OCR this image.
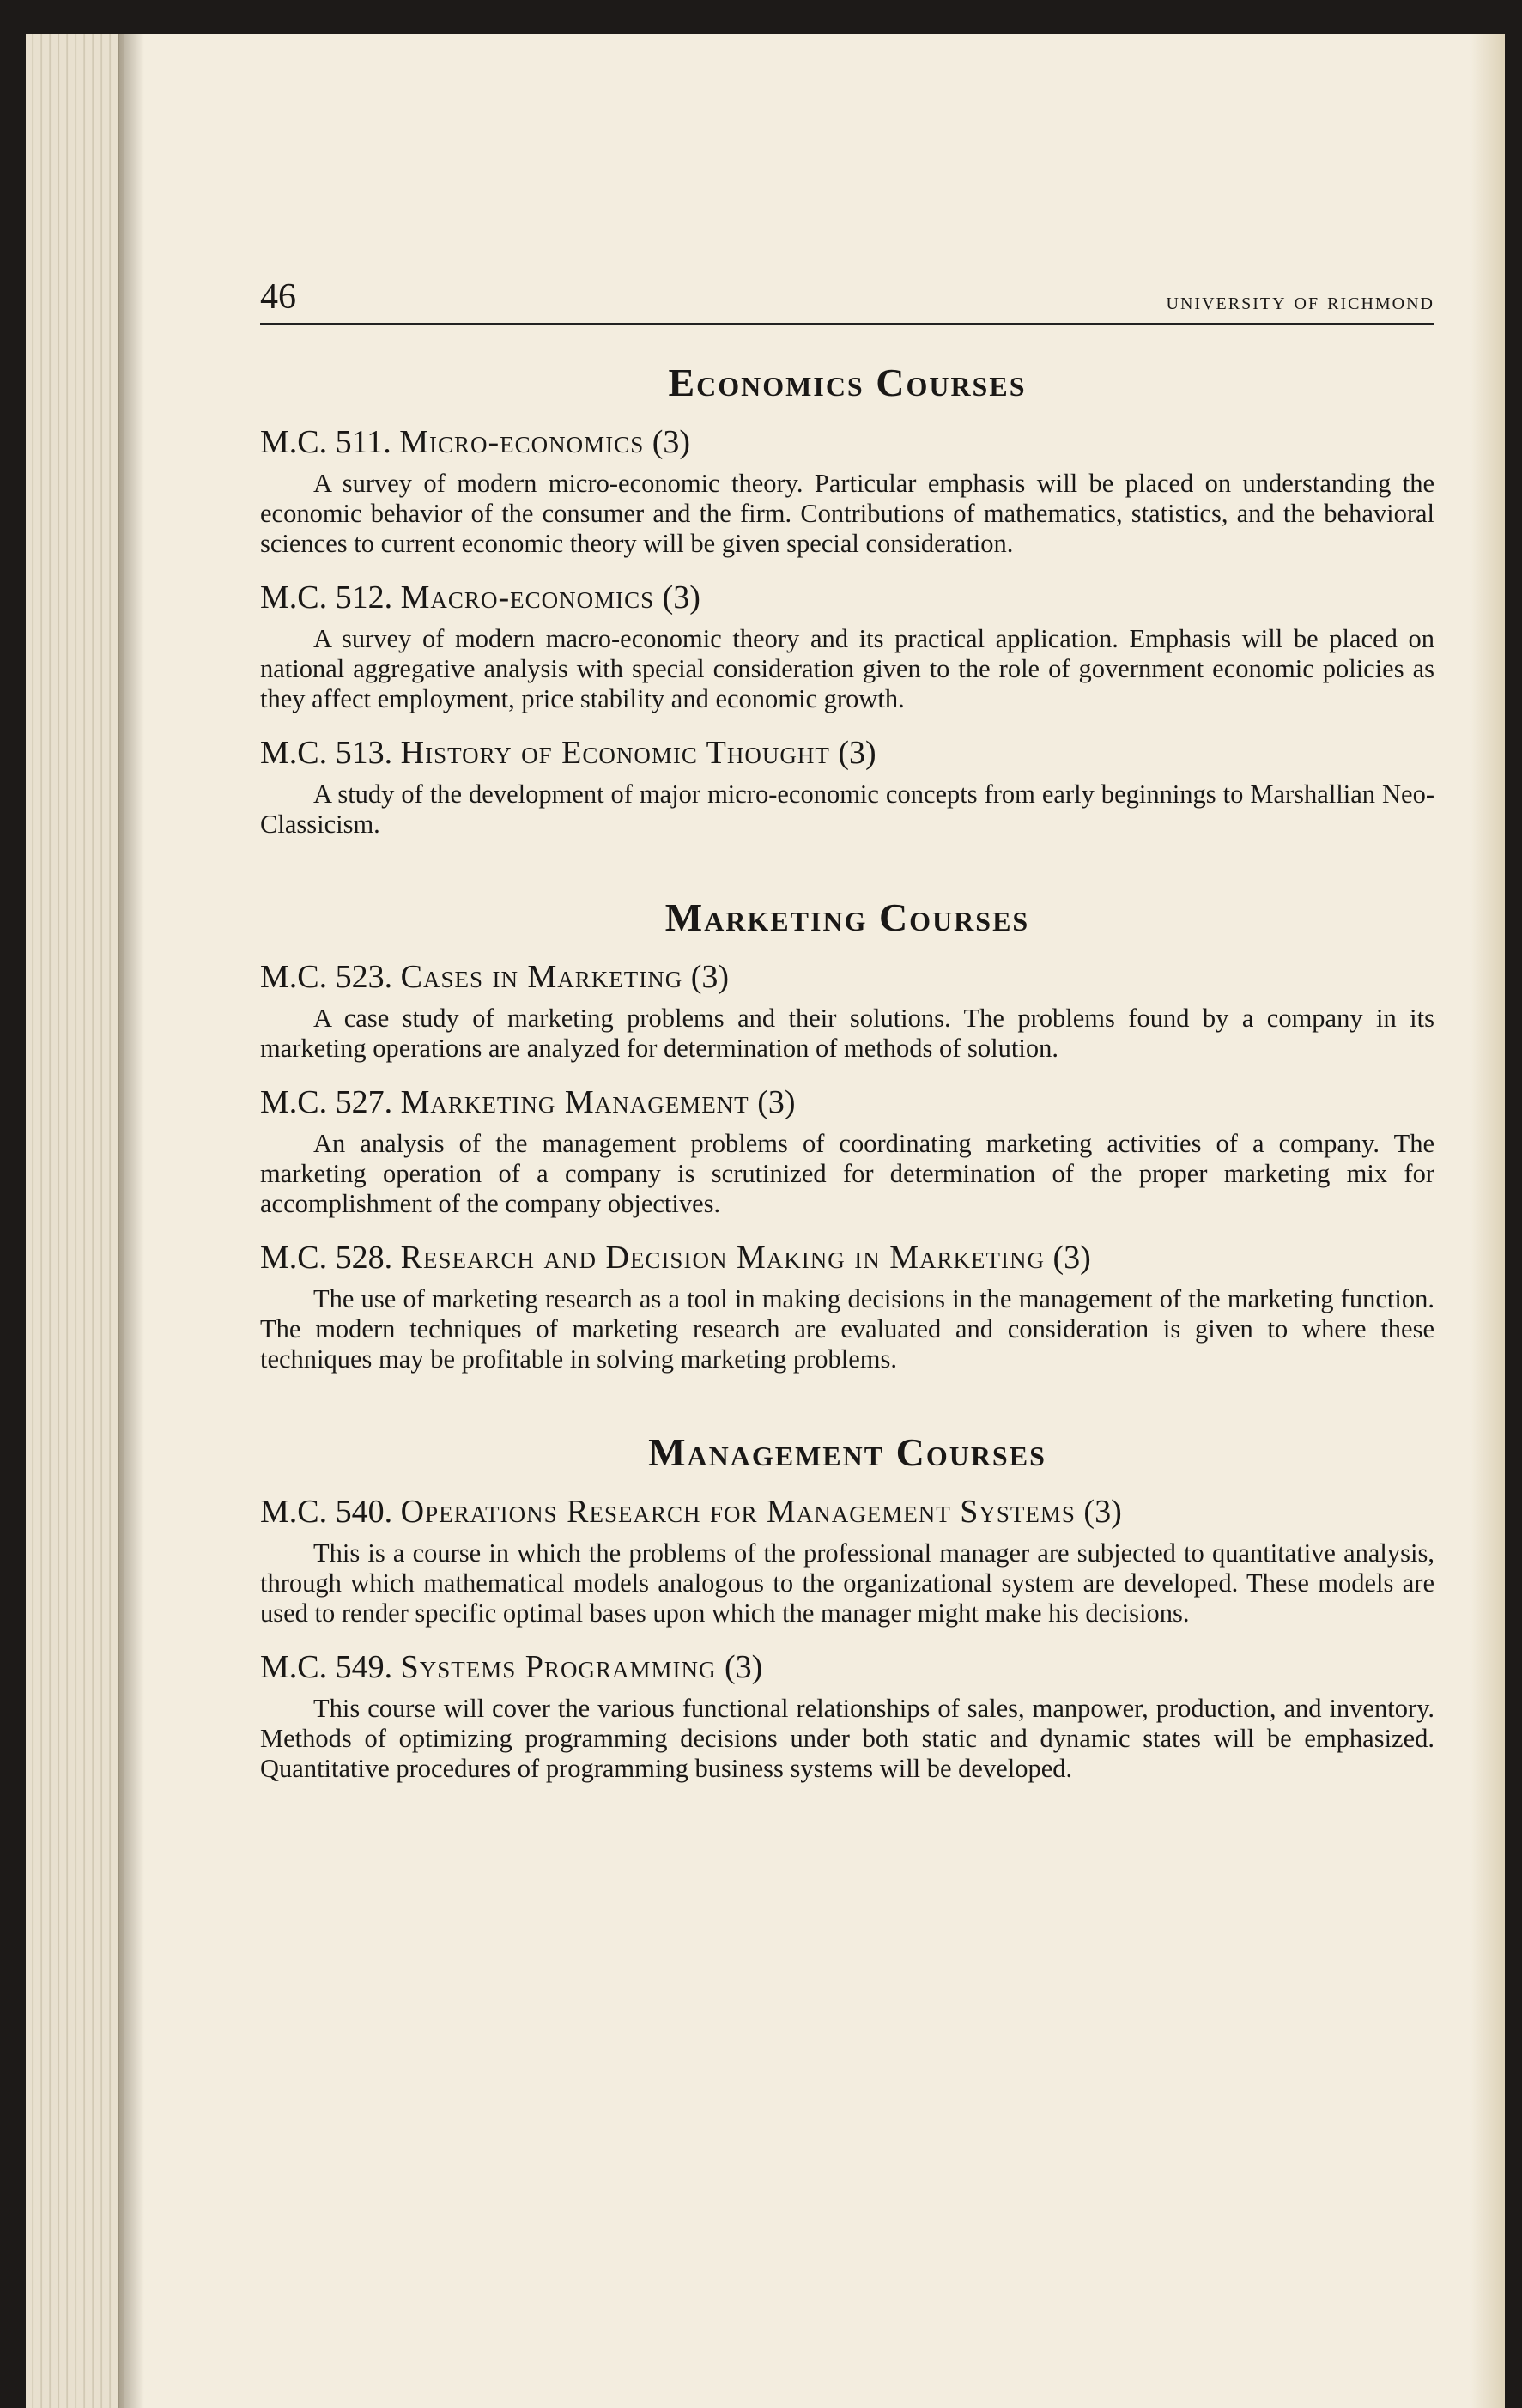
46	university of richmond
Economics Courses

M.C. 511. Micro-economics (3)

A survey of modern micro-economic theory. Particular emphasis will be placed on understanding the economic behavior of the consumer and the firm. Contributions of mathematics, statistics, and the behavioral sciences to current economic theory will be given special consideration.

M.C. 512. Macro-economics (3)

A survey of modern macro-economic theory and its practical application. Emphasis will be placed on national aggregative analysis with special consideration given to the role of government economic policies as they affect employment, price stability and economic growth.

M.C. 513. History of Economic Thought (3)

A study of the development of major micro-economic concepts from early beginnings to Marshallian Neo-Classicism.

Marketing Courses

M.C. 523. Cases in Marketing (3)

A case study of marketing problems and their solutions. The problems found by a company in its marketing operations are analyzed for determination of methods of solution.

M.C. 527. Marketing Management (3)

An analysis of the management problems of coordinating marketing activities of a company. The marketing operation of a company is scrutinized for determination of the proper marketing mix for accomplishment of the company objectives.

M.C. 528. Research and Decision Making in Marketing (3)

The use of marketing research as a tool in making decisions in the management of the marketing function. The modern techniques of marketing research are evaluated and consideration is given to where these techniques may be profitable in solving marketing problems.

Management Courses

M.C. 540. Operations Research for Management Systems (3)

This is a course in which the problems of the professional manager are subjected to quantitative analysis, through which mathematical models analogous to the organizational system are developed. These models are used to render specific optimal bases upon which the manager might make his decisions.

M.C. 549. Systems Programming (3)

This course will cover the various functional relationships of sales, manpower, production, and inventory. Methods of optimizing programming decisions under both static and dynamic states will be emphasized. Quantitative procedures of programming business systems will be developed.
